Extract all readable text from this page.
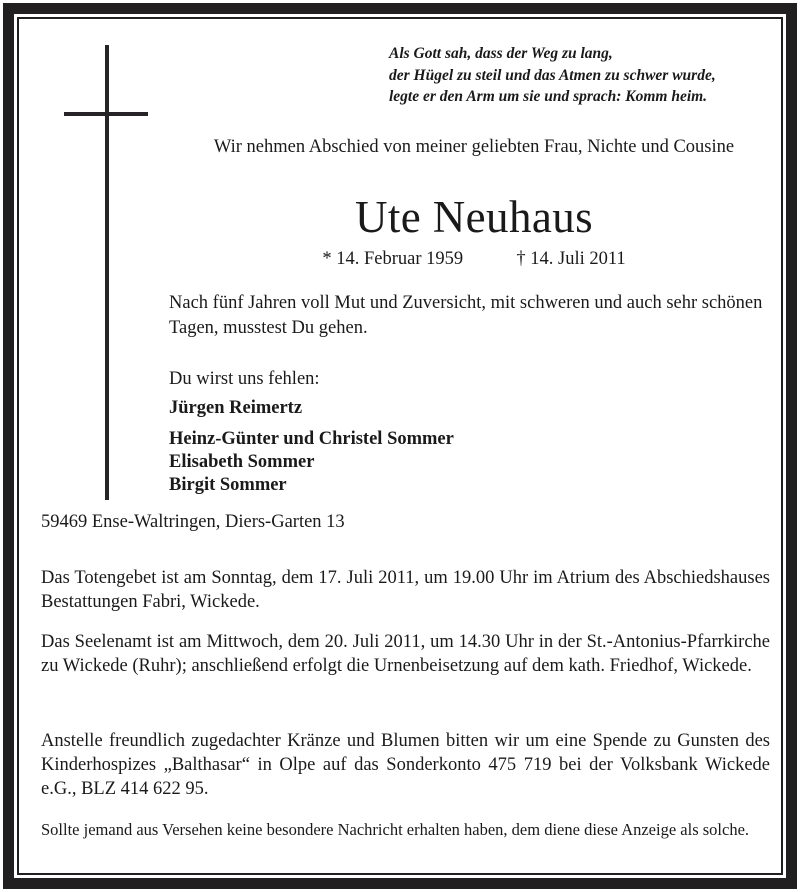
Als Gott sah, dass der Weg zu lang,
der Hügel zu steil und das Atmen zu schwer wurde,
legte er den Arm um sie und sprach: Komm heim.
Wir nehmen Abschied von meiner geliebten Frau, Nichte und Cousine
Ute Neuhaus
* 14. Februar 1959	† 14. Juli 2011
Nach fünf Jahren voll Mut und Zuversicht, mit schweren und auch sehr schönen Tagen, musstest Du gehen.
Du wirst uns fehlen:
Jürgen Reimertz
Heinz-Günter und Christel Sommer
Elisabeth Sommer
Birgit Sommer
59469 Ense-Waltringen, Diers-Garten 13
Das Totengebet ist am Sonntag, dem 17. Juli 2011, um 19.00 Uhr im Atrium des Abschiedshauses Bestattungen Fabri, Wickede.
Das Seelenamt ist am Mittwoch, dem 20. Juli 2011, um 14.30 Uhr in der St.-Antonius-Pfarrkirche zu Wickede (Ruhr); anschließend erfolgt die Urnenbeisetzung auf dem kath. Friedhof, Wickede.
Anstelle freundlich zugedachter Kränze und Blumen bitten wir um eine Spende zu Gunsten des Kinderhospizes „Balthasar“ in Olpe auf das Sonderkonto 475 719 bei der Volksbank Wickede e.G., BLZ 414 622 95.
Sollte jemand aus Versehen keine besondere Nachricht erhalten haben, dem diene diese Anzeige als solche.
